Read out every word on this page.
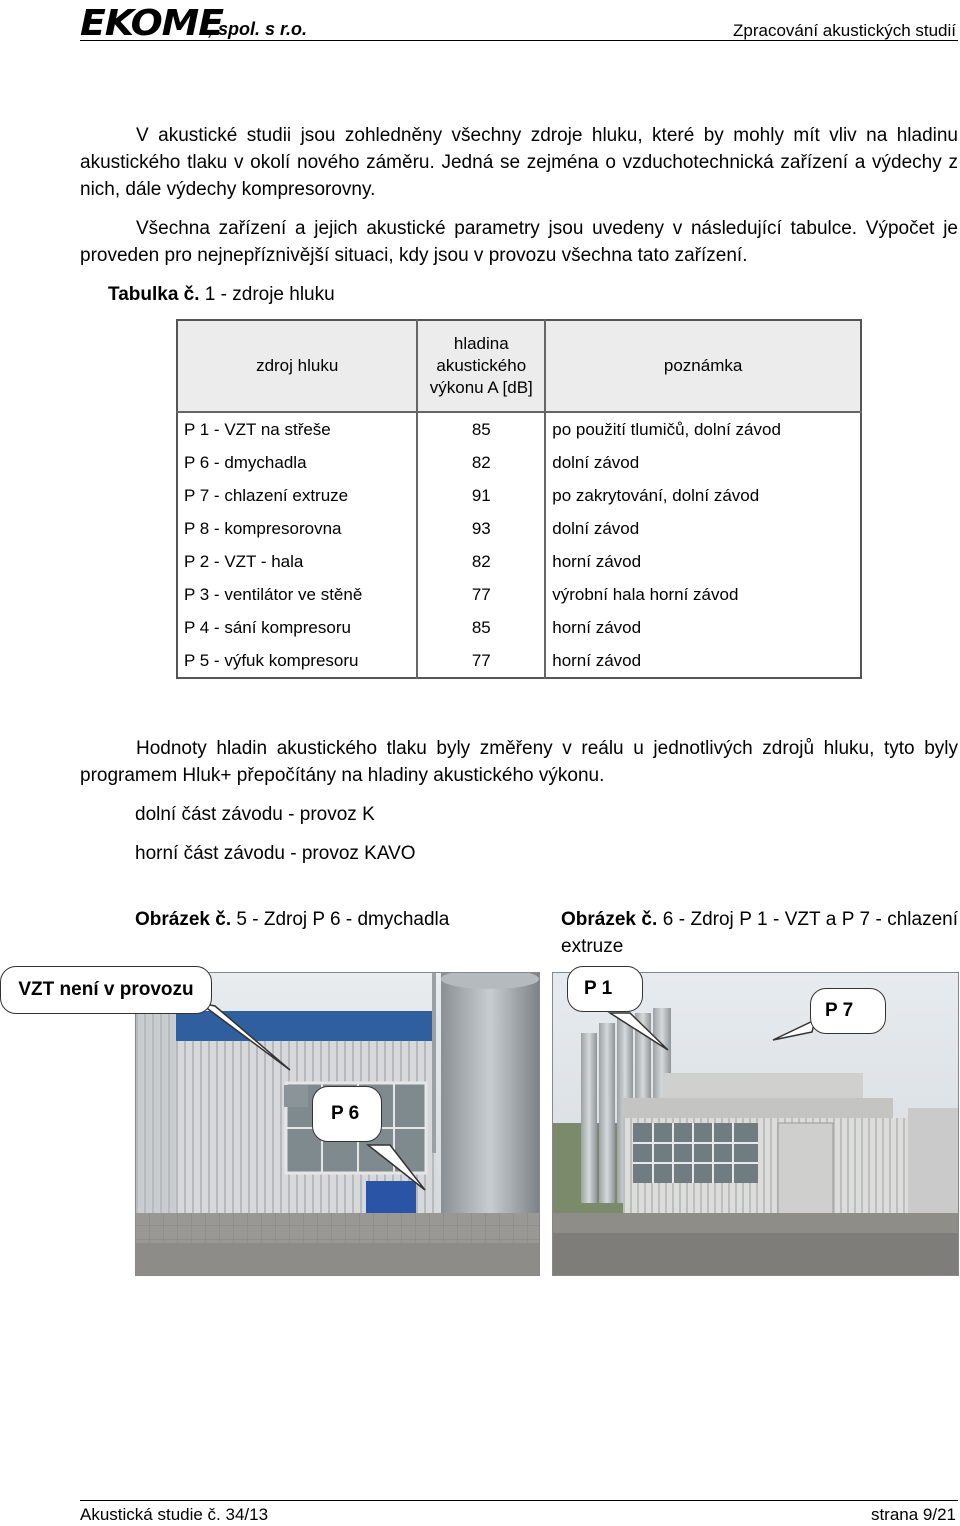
EKOME
, spol. s r.o.	Zpracování akustických studií
V akustické studii jsou zohledněny všechny zdroje hluku, které by mohly mít vliv na hladinu akustického tlaku v okolí nového záměru. Jedná se zejména o vzduchotechnická zařízení a výdechy z nich, dále výdechy kompresorovny.
Všechna zařízení a jejich akustické parametry jsou uvedeny v následující tabulce. Výpočet je proveden pro nejnepříznivější situaci, kdy jsou v provozu všechna tato zařízení.
Tabulka č. 1 - zdroje hluku
zdroj hluku	hladina akustického výkonu A [dB]	poznámka
P 1 - VZT na střeše	85	po použití tlumičů, dolní závod
P 6 - dmychadla	82	dolní závod
P 7 - chlazení extruze	91	po zakrytování, dolní závod
P 8 - kompresorovna	93	dolní závod
P 2 - VZT - hala	82	horní závod
P 3 - ventilátor ve stěně	77	výrobní hala horní závod
P 4 - sání kompresoru	85	horní závod
P 5 - výfuk kompresoru	77	horní závod
Hodnoty hladin akustického tlaku byly změřeny v reálu u jednotlivých zdrojů hluku, tyto byly programem Hluk+ přepočítány na hladiny akustického výkonu.
dolní část závodu - provoz K
horní část závodu - provoz KAVO
Obrázek č. 5 - Zdroj P 6 - dmychadla	Obrázek č. 6 - Zdroj P 1 - VZT a P 7 - chlazení extruze
VZT není v provozu
P 6
P 1
P 7
Akustická studie č. 34/13	strana 9/21
